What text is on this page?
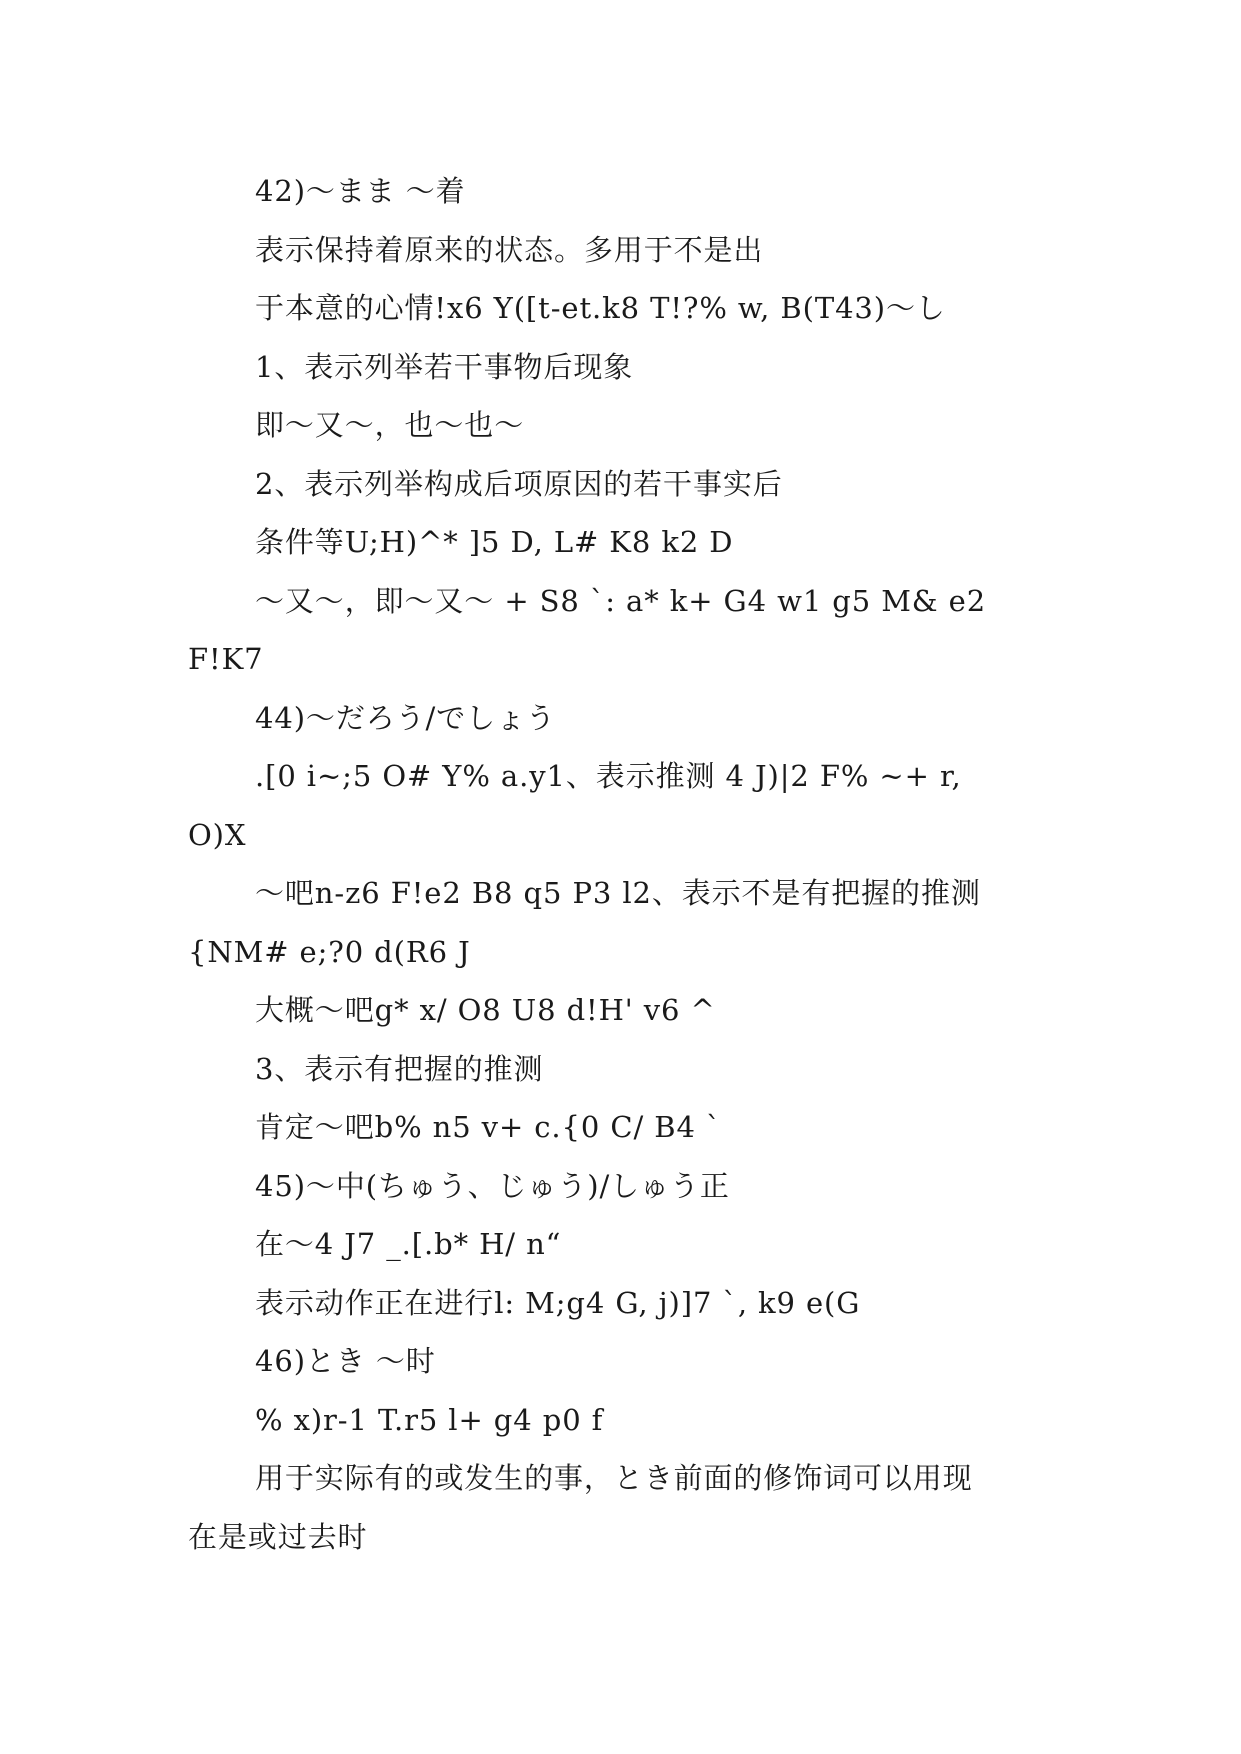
42)～まま ～着
表示保持着原来的状态。多用于不是出
于本意的心情!x6 Y([t-et.k8 T!?% w, B(T43)～し
1、表示列举若干事物后现象
即～又～，也～也～
2、表示列举构成后项原因的若干事实后
条件等U;H)^* ]5 D, L# K8 k2 D
～又～，即～又～ + S8 `: a* k+ G4 w1 g5 M& e2
F!K7
44)～だろう/でしょう
.[0 i~;5 O# Y% a.y1、表示推测 4 J)|2 F% ~+ r,
O)X
～吧n-z6 F!e2 B8 q5 P3 l2、表示不是有把握的推测
{NM# e;?0 d(R6 J
大概～吧g* x/ O8 U8 d!H' v6 ^
3、表示有把握的推测
肯定～吧b% n5 v+ c.{0 C/ B4 `
45)～中(ちゅう、じゅう)/しゅう正
在～4 J7 _.[.b* H/ n“
表示动作正在进行l: M;g4 G, j)]7 `, k9 e(G
46)とき ～时
% x)r-1 T.r5 l+ g4 p0 f
用于实际有的或发生的事，とき前面的修饰词可以用现
在是或过去时
